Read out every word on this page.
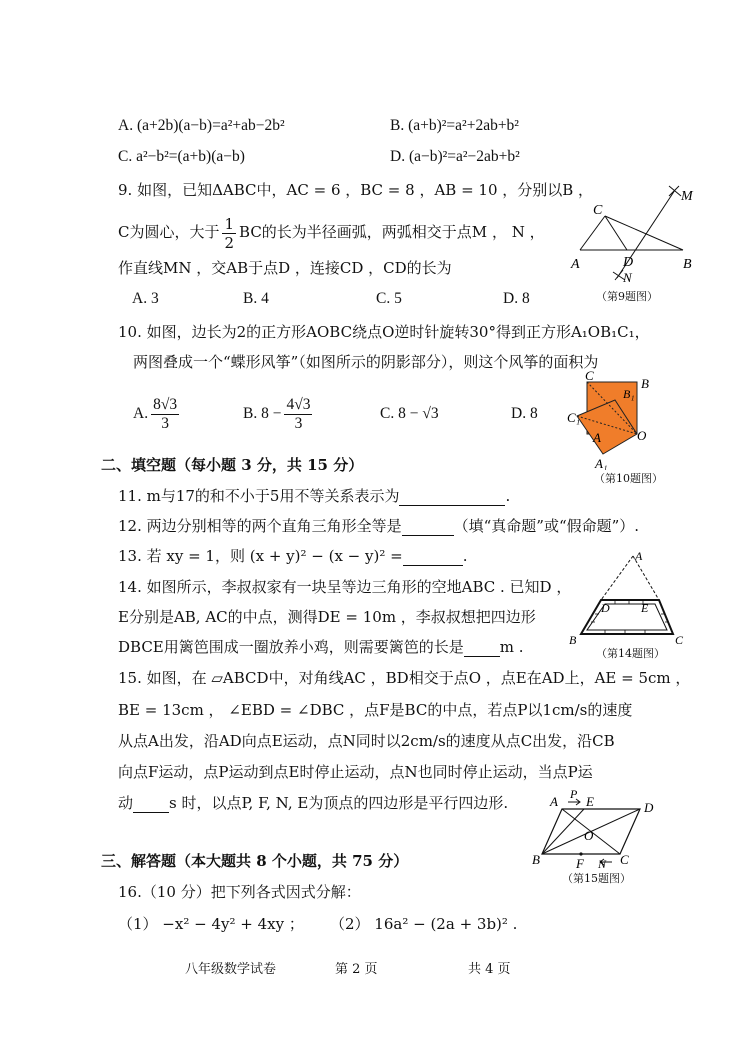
A. (a+2b)(a−b)=a²+ab−2b²	B. (a+b)²=a²+2ab+b²
C. a²−b²=(a+b)(a−b)	D. (a−b)²=a²−2ab+b²
9. 如图，已知ΔABC中，AC = 6 ，BC = 8 ，AB = 10 ，分别以B ，
C为圆心，大于 $\frac{1}{2}$ BC的长为半径画弧，两弧相交于点M ， N ，
作直线MN ，交AB于点D ，连接CD ，CD的长为
A. 3	B. 4	C. 5	D. 8
C
A	D	B
M
N
（第9题图）
10. 如图，边长为2的正方形AOBC绕点O逆时针旋转30°得到正方形A₁OB₁C₁，
两图叠成一个“蝶形风筝”（如图所示的阴影部分），则这个风筝的面积为
A. $\frac{8√3}{3}$	B. $8 - \frac{4√3}{3}$	C. 8 − √3	D. 8
C
B
B₁
C₁
A	O
A₁
（第10题图）
二、填空题（每小题 3 分，共 15 分）
11. m与17的和不小于5用不等关系表示为	.
12. 两边分别相等的两个直角三角形全等是	（填“真命题”或“假命题”）.
13. 若 xy = 1，则 (x + y)² − (x − y)² =	.
14. 如图所示，李叔叔家有一块呈等边三角形的空地ABC . 已知D ，
E分别是AB, AC的中点，测得DE = 10m ，李叔叔想把四边形
DBCE用篱笆围成一圈放养小鸡，则需要篱笆的长是 m .
A
D	E
B	C
（第14题图）
15. 如图，在 ▱ABCD中，对角线AC ，BD相交于点O ，点E在AD上，AE = 5cm ，
BE = 13cm ， ∠EBD = ∠DBC ，点F是BC的中点，若点P以1cm/s的速度
从点A出发，沿AD向点E运动，点N同时以2cm/s的速度从点C出发，沿CB
向点F运动，点P运动到点E时停止运动，点N也同时停止运动，当点P运
动 s 时，以点P, F, N, E为顶点的四边形是平行四边形.	A P E	D
O
B	F N C
（第15题图）
三、解答题（本大题共 8 个小题，共 75 分）
16.（10 分）把下列各式因式分解：
（1） −x² − 4y² + 4xy ； （2） 16a² − (2a + 3b)² .
八年级数学试卷	第 2 页	共 4 页
